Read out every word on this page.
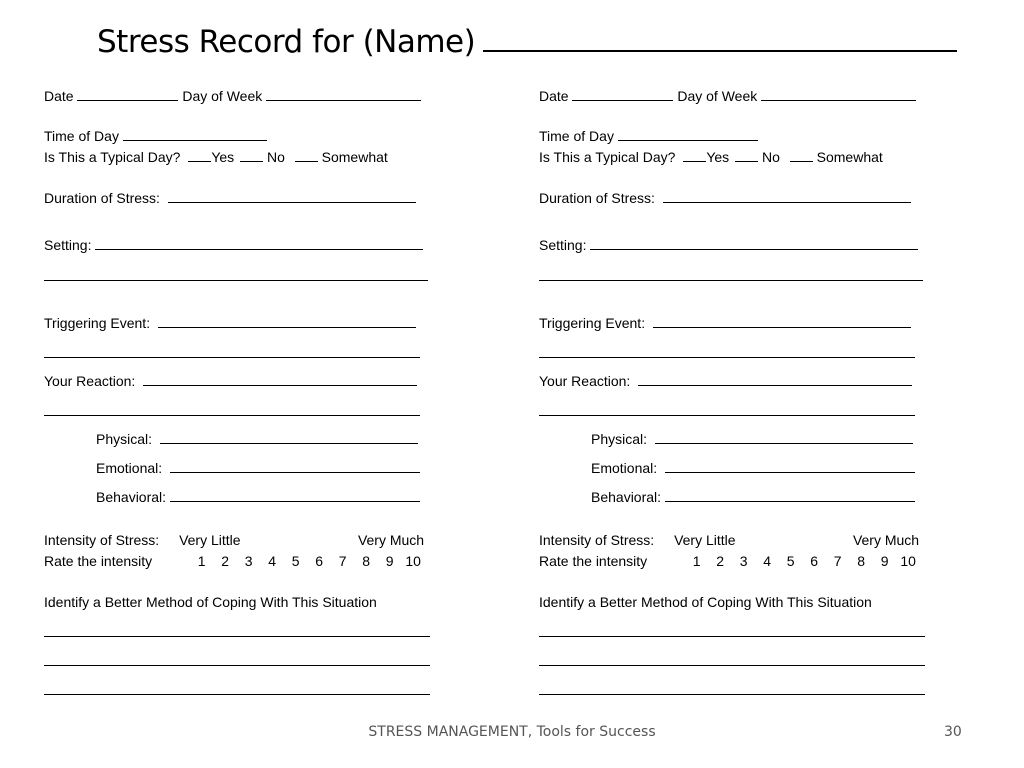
Stress Record for (Name)
Date	Day of Week
Time of Day
Is This a Typical Day? Yes No	Somewhat
Duration of Stress:
Setting:
Triggering Event:
Your Reaction:
Physical:
Emotional:
Behavioral:
Intensity of Stress: Very Little	Very Much
Rate the intensity	1 2 3 4 5 6 7 8 9 10
Identify a Better Method of Coping With This Situation
Date	Day of Week
Time of Day
Is This a Typical Day? Yes No	Somewhat
Duration of Stress:
Setting:
Triggering Event:
Your Reaction:
Physical:
Emotional:
Behavioral:
Intensity of Stress: Very Little	Very Much
Rate the intensity	1 2 3 4 5 6 7 8 9 10
Identify a Better Method of Coping With This Situation
STRESS MANAGEMENT, Tools for Success	30
